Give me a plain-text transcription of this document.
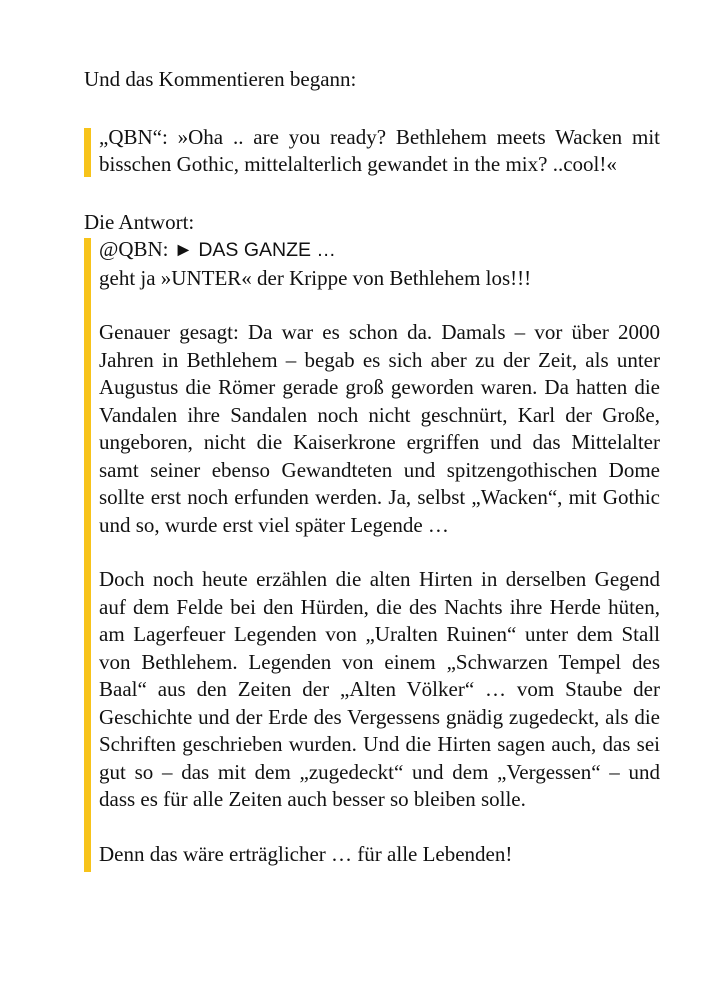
Und das Kommentieren begann:

„QBN“: »Oha .. are you ready? Bethlehem meets Wacken mit bisschen Gothic, mittelalterlich gewandet in the mix? ..cool!«

Die Antwort:

@QBN: ► DAS GANZE …
geht ja »UNTER« der Krippe von Bethlehem los!!!

Genauer gesagt: Da war es schon da. Damals – vor über 2000 Jahren in Bethlehem – begab es sich aber zu der Zeit, als unter Augustus die Römer gerade groß geworden waren. Da hatten die Vandalen ihre Sandalen noch nicht geschnürt, Karl der Große, ungeboren, nicht die Kaiserkrone ergriffen und das Mittelalter samt seiner ebenso Gewandteten und spitzengothischen Dome sollte erst noch erfunden werden. Ja, selbst „Wacken“, mit Gothic und so, wurde erst viel später Legende …

Doch noch heute erzählen die alten Hirten in derselben Gegend auf dem Felde bei den Hürden, die des Nachts ihre Herde hüten, am Lagerfeuer Legenden von „Uralten Ruinen“ unter dem Stall von Bethlehem. Legenden von einem „Schwarzen Tempel des Baal“ aus den Zeiten der „Alten Völker“ … vom Staube der Geschichte und der Erde des Vergessens gnädig zugedeckt, als die Schriften geschrieben wurden. Und die Hirten sagen auch, das sei gut so – das mit dem „zugedeckt“ und dem „Vergessen“ – und dass es für alle Zeiten auch besser so bleiben solle.

Denn das wäre erträglicher … für alle Lebenden!
